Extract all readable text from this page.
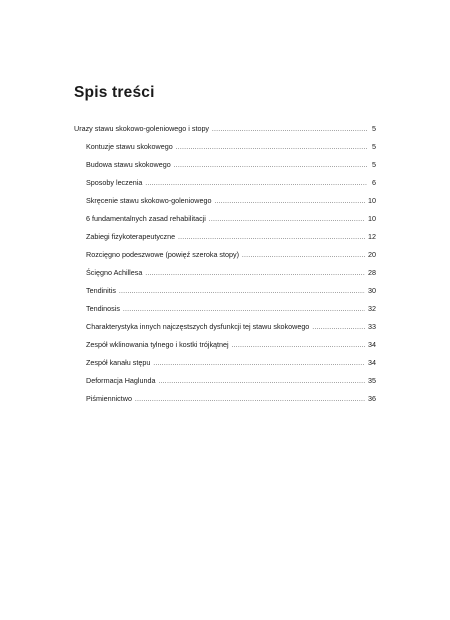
Spis treści
Urazy stawu skokowo-goleniowego i stopy . . .	5
Kontuzje stawu skokowego . . .	5
Budowa stawu skokowego . . .	5
Sposoby leczenia . . .	6
Skręcenie stawu skokowo-goleniowego . . .	10
6 fundamentalnych zasad rehabilitacji . . .	10
Zabiegi fizykoterapeutyczne . . .	12
Rozcięgno podeszwowe (powięź szeroka stopy) . . .	20
Ścięgno Achillesa . . .	28
Tendinitis . . .	30
Tendinosis . . .	32
Charakterystyka innych najczęstszych dysfunkcji tej stawu skokowego . . .	33
Zespół wklinowania tylnego i kostki trójkątnej . . .	34
Zespół kanału stępu . . .	34
Deformacja Haglunda . . .	35
Piśmiennictwo . . .	36
